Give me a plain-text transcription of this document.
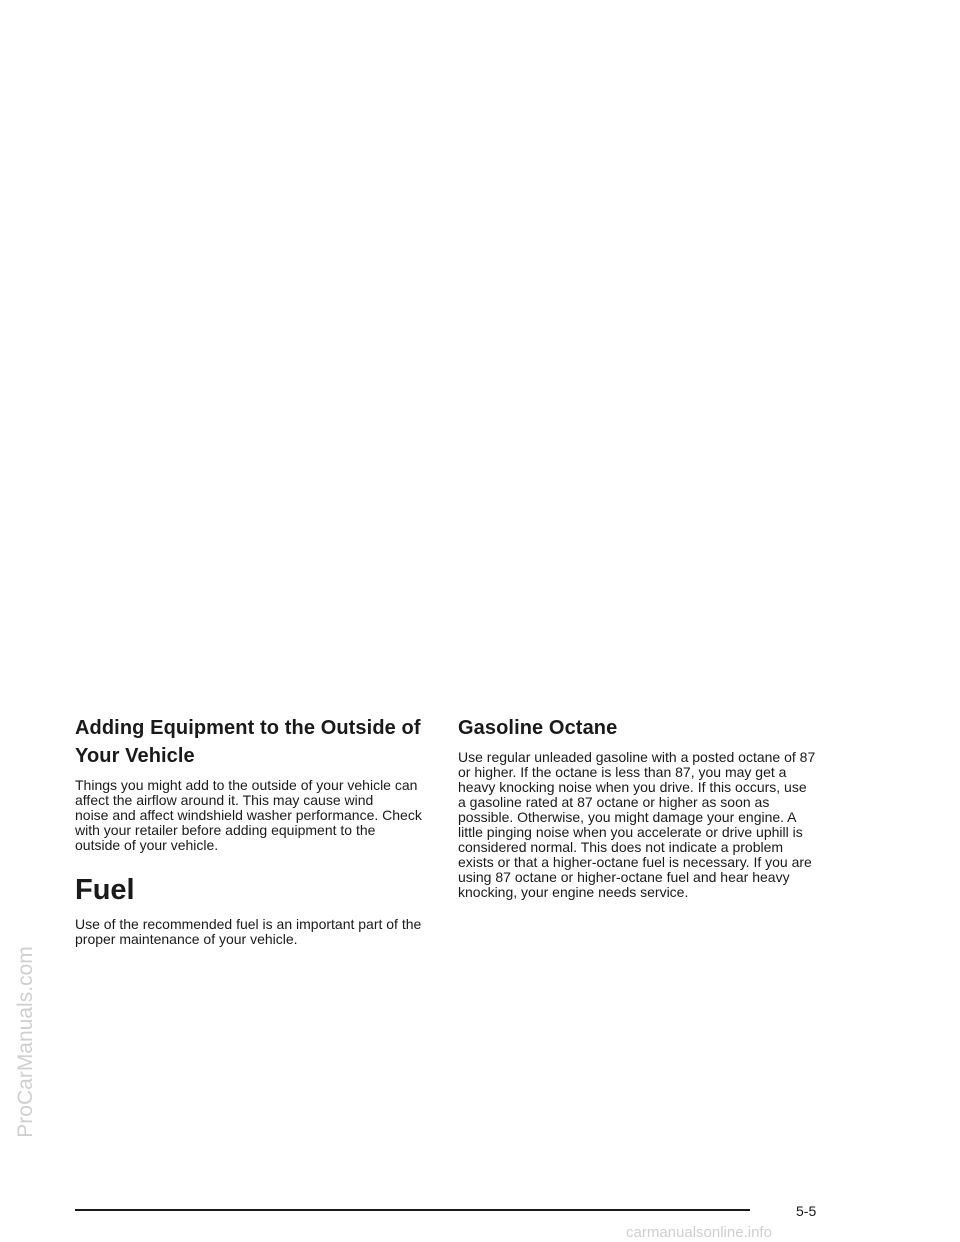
Adding Equipment to the Outside of
Your Vehicle

Things you might add to the outside of your vehicle can
affect the airflow around it. This may cause wind
noise and affect windshield washer performance. Check
with your retailer before adding equipment to the
outside of your vehicle.

Fuel

Use of the recommended fuel is an important part of the
proper maintenance of your vehicle.

Gasoline Octane

Use regular unleaded gasoline with a posted octane of 87
or higher. If the octane is less than 87, you may get a
heavy knocking noise when you drive. If this occurs, use
a gasoline rated at 87 octane or higher as soon as
possible. Otherwise, you might damage your engine. A
little pinging noise when you accelerate or drive uphill is
considered normal. This does not indicate a problem
exists or that a higher-octane fuel is necessary. If you are
using 87 octane or higher-octane fuel and hear heavy
knocking, your engine needs service.

5-5
carmanualsonline.info
ProCarManuals.com
